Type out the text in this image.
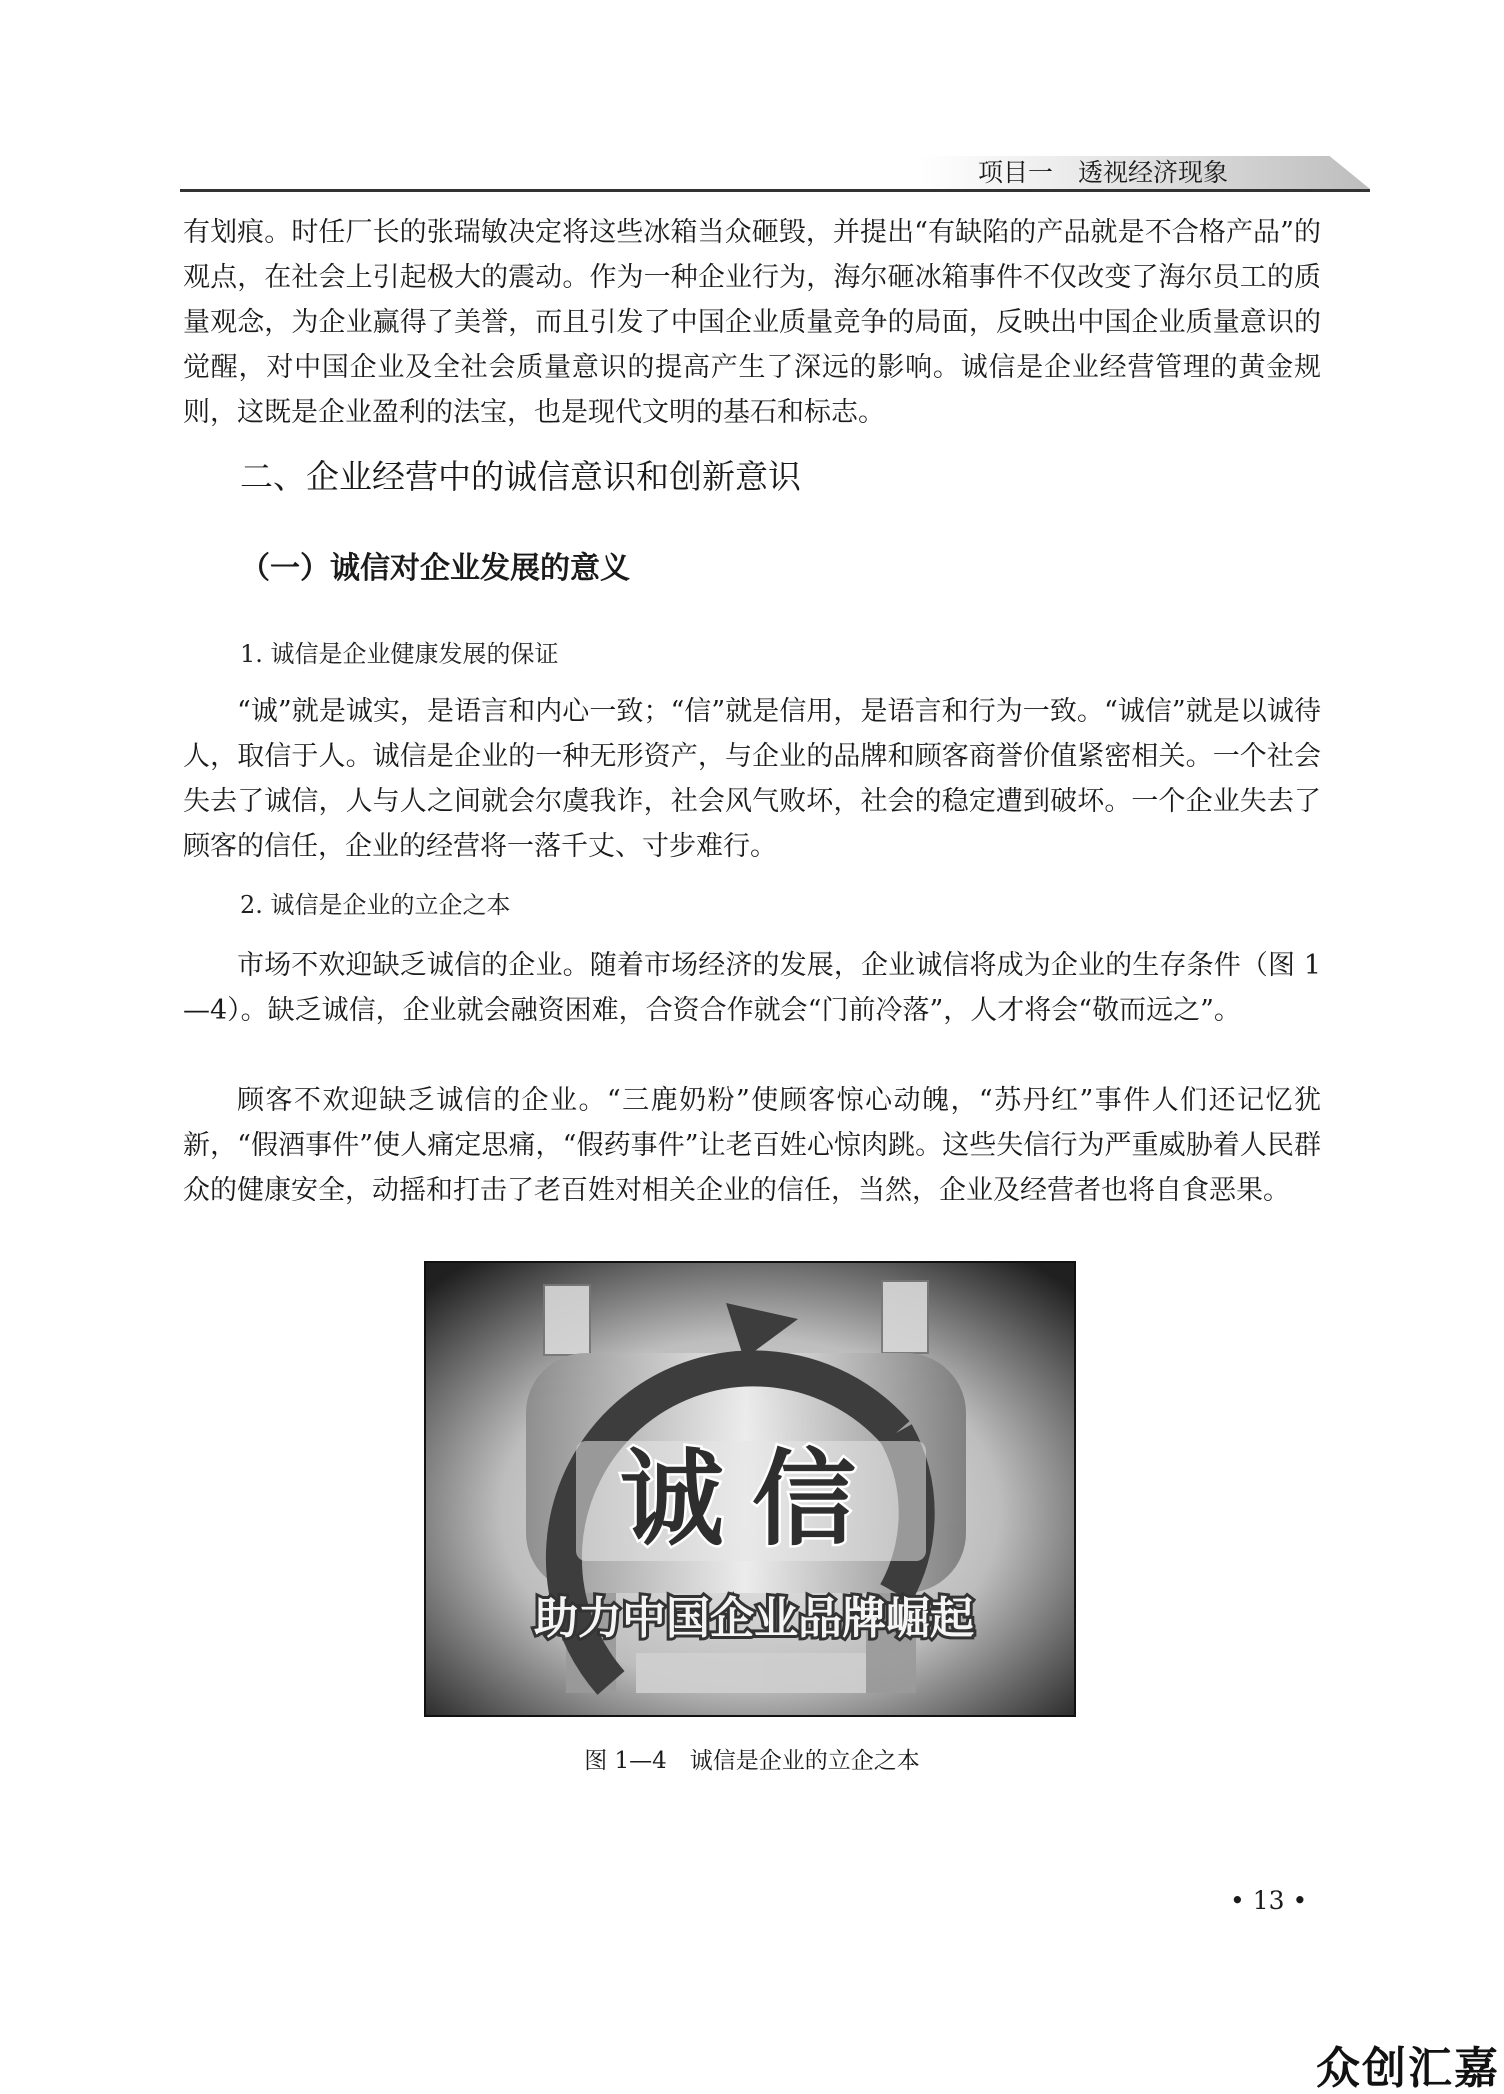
项目一　透视经济现象

有划痕。时任厂长的张瑞敏决定将这些冰箱当众砸毁，并提出“有缺陷的产品就是不合格产品”的观点，在社会上引起极大的震动。作为一种企业行为，海尔砸冰箱事件不仅改变了海尔员工的质量观念，为企业赢得了美誉，而且引发了中国企业质量竞争的局面，反映出中国企业质量意识的觉醒，对中国企业及全社会质量意识的提高产生了深远的影响。诚信是企业经营管理的黄金规则，这既是企业盈利的法宝，也是现代文明的基石和标志。

二、企业经营中的诚信意识和创新意识
（一）诚信对企业发展的意义
1. 诚信是企业健康发展的保证

“诚”就是诚实，是语言和内心一致；“信”就是信用，是语言和行为一致。“诚信”就是以诚待人，取信于人。诚信是企业的一种无形资产，与企业的品牌和顾客商誉价值紧密相关。一个社会失去了诚信，人与人之间就会尔虞我诈，社会风气败坏，社会的稳定遭到破坏。一个企业失去了顾客的信任，企业的经营将一落千丈、寸步难行。

2. 诚信是企业的立企之本

市场不欢迎缺乏诚信的企业。随着市场经济的发展，企业诚信将成为企业的生存条件（图 1—4）。缺乏诚信，企业就会融资困难，合资合作就会“门前冷落”，人才将会“敬而远之”。

顾客不欢迎缺乏诚信的企业。“三鹿奶粉”使顾客惊心动魄，“苏丹红”事件人们还记忆犹新，“假酒事件”使人痛定思痛，“假药事件”让老百姓心惊肉跳。这些失信行为严重威胁着人民群众的健康安全，动摇和打击了老百姓对相关企业的信任，当然，企业及经营者也将自食恶果。

诚信
助力中国企业品牌崛起
图 1—4　诚信是企业的立企之本
• 13 •
众创汇嘉
